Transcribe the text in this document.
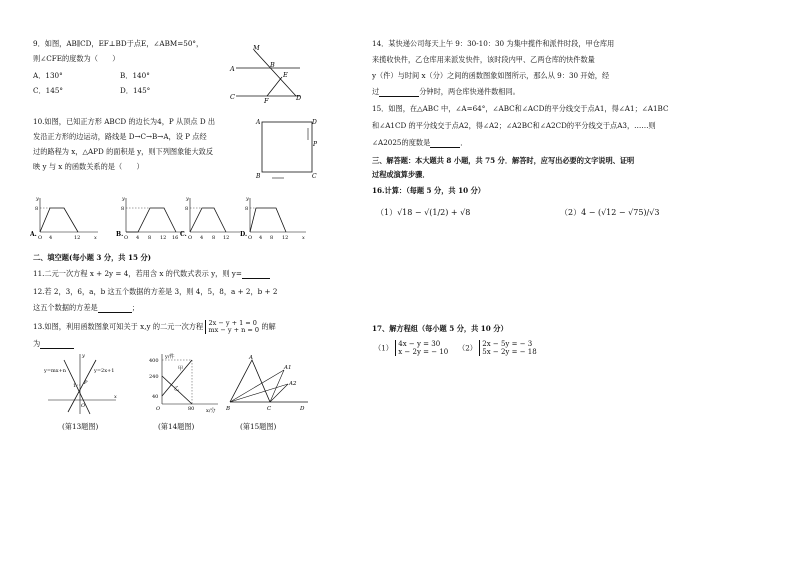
9．如图，AB∥CD，EF⊥BD于点E，∠ABM=50°，
则∠CFE的度数为（　　）
A．130°	B．140°
C．145°	D．145°
M
A	B
E
C	F	D
10.如图，已知正方形 ABCD 的边长为4，P 从顶点 D 出
发沿正方形的边运动，路线是 D→C→B→A，设 P 点经
过的路程为 x，△APD 的面积是 y，则下列图象能大致反
映 y 与 x 的函数关系的是（　　）
A	D
P
B	C
A.
y
8
O 4	12	x	B.
y
8
O 4 8 12 16 C.
y
8
O 4 8 12 D.
y
8
O 4 8 12	x
二、填空题(每小题 3 分，共 15 分)
11.二元一次方程 x + 2y = 4，若用含 x 的代数式表示 y，则 y=
12.若 2，3，6，a，b 这五个数据的方差是 3，则 4，5，8，a + 2，b + 2
这五个数据的方差是	；
13.如图，利用函数图象可知关于 x,y 的二元一次方程 2x − y + 1 = 0
mx − y + n = 0 的解
为
y=mx+n	y=2x+1
P
O
1
x
y	y/件
400
240
40
O	80 x/分
甲
乙
A
A1
A2
B	C	D
(第13题图)	(第14题图)	(第15题图)
14．某快递公司每天上午 9：30-10：30 为集中揽件和派件时段，甲仓库用
来揽收快件，乙仓库用来派发快件，该时段内甲、乙两仓库的快件数量
y（件）与时间 x（分）之间的函数图象如图所示，那么从 9：30 开始，经
过	分钟时，两仓库快递件数相同。
15．如图，在△ABC 中，∠A=64°，∠ABC和∠ACD的平分线交于点A1，得∠A1；∠A1BC
和∠A1CD 的平分线交于点A2，得∠A2；∠A2BC和∠A2CD的平分线交于点A3，……则
∠A2025的度数是	．
三、解答题：本大题共 8 小题，共 75 分．解答时，应写出必要的文字说明、证明
过程或演算步骤．
16.计算：（每题 5 分，共 10 分）
（1）√18 − √(1/2) + √8	（2）4 − (√12 − √75)/√3
17、解方程组（每小题 5 分，共 10 分）
（1） 4x − y = 30
x − 2y = − 10 （2） 2x − 5y = − 3
5x − 2y = − 18
